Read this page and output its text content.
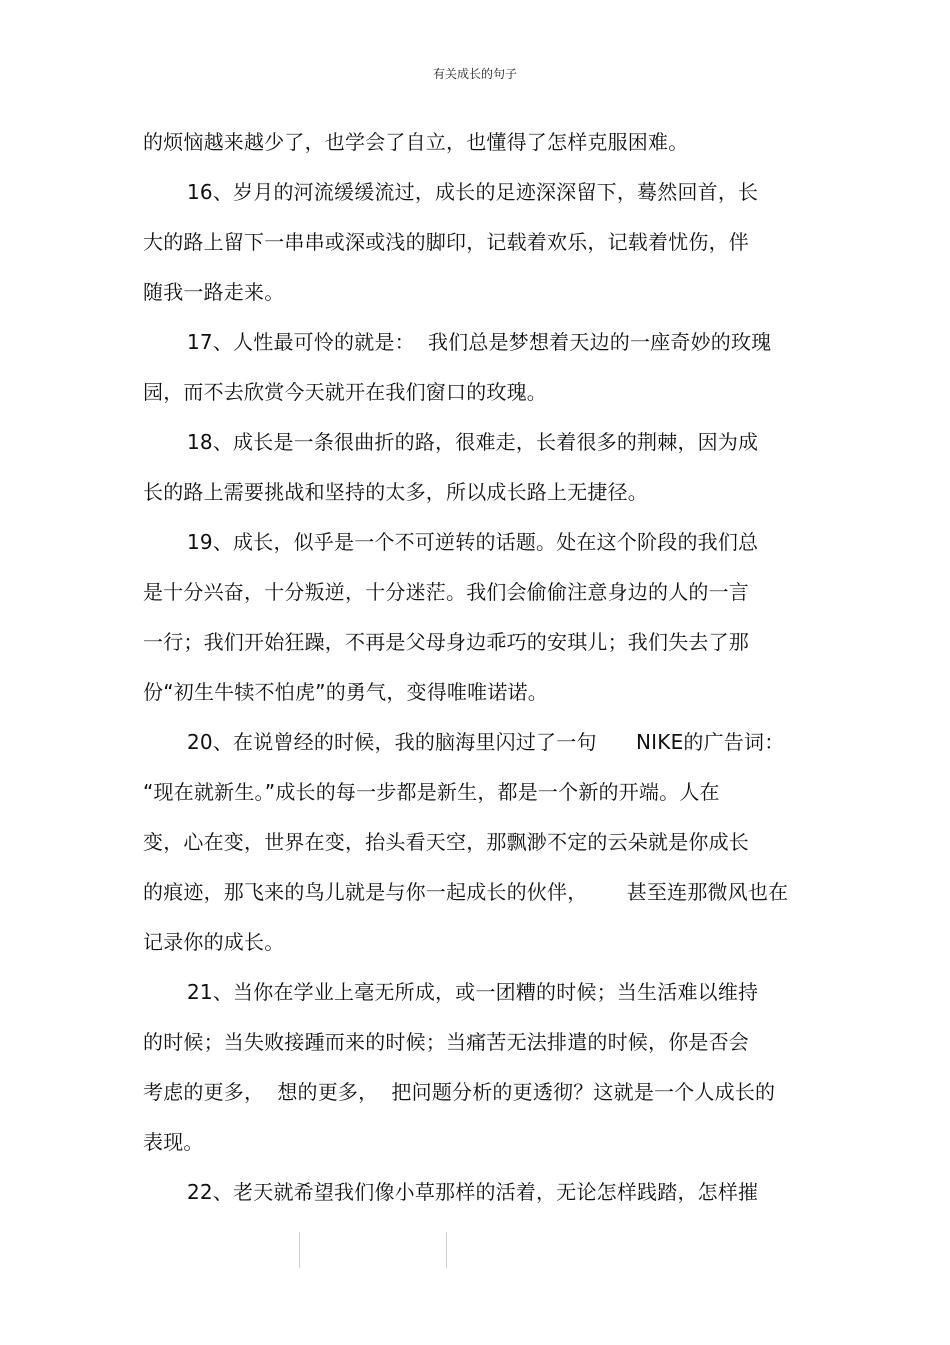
有关成长的句子
的烦恼越来越少了，也学会了自立，也懂得了怎样克服困难。
16、岁月的河流缓缓流过，成长的足迹深深留下，蓦然回首，长
大的路上留下一串串或深或浅的脚印，记载着欢乐，记载着忧伤，伴
随我一路走来。
17、人性最可怜的就是：  我们总是梦想着天边的一座奇妙的玫瑰
园，而不去欣赏今天就开在我们窗口的玫瑰。
18、成长是一条很曲折的路，很难走，长着很多的荆棘，因为成
长的路上需要挑战和坚持的太多，所以成长路上无捷径。
19、成长，似乎是一个不可逆转的话题。处在这个阶段的我们总
是十分兴奋，十分叛逆，十分迷茫。我们会偷偷注意身边的人的一言
一行；我们开始狂躁，不再是父母身边乖巧的安琪儿；我们失去了那
份“初生牛犊不怕虎”的勇气，变得唯唯诺诺。
20、在说曾经的时候，我的脑海里闪过了一句      NIKE的广告词：
“现在就新生。”成长的每一步都是新生，都是一个新的开端。人在
变，心在变，世界在变，抬头看天空，那飘渺不定的云朵就是你成长
的痕迹，那飞来的鸟儿就是与你一起成长的伙伴，      甚至连那微风也在
记录你的成长。
21、当你在学业上毫无所成，或一团糟的时候；当生活难以维持
的时候；当失败接踵而来的时候；当痛苦无法排遣的时候，你是否会
考虑的更多，  想的更多，  把问题分析的更透彻？这就是一个人成长的
表现。
22、老天就希望我们像小草那样的活着，无论怎样践踏，怎样摧
